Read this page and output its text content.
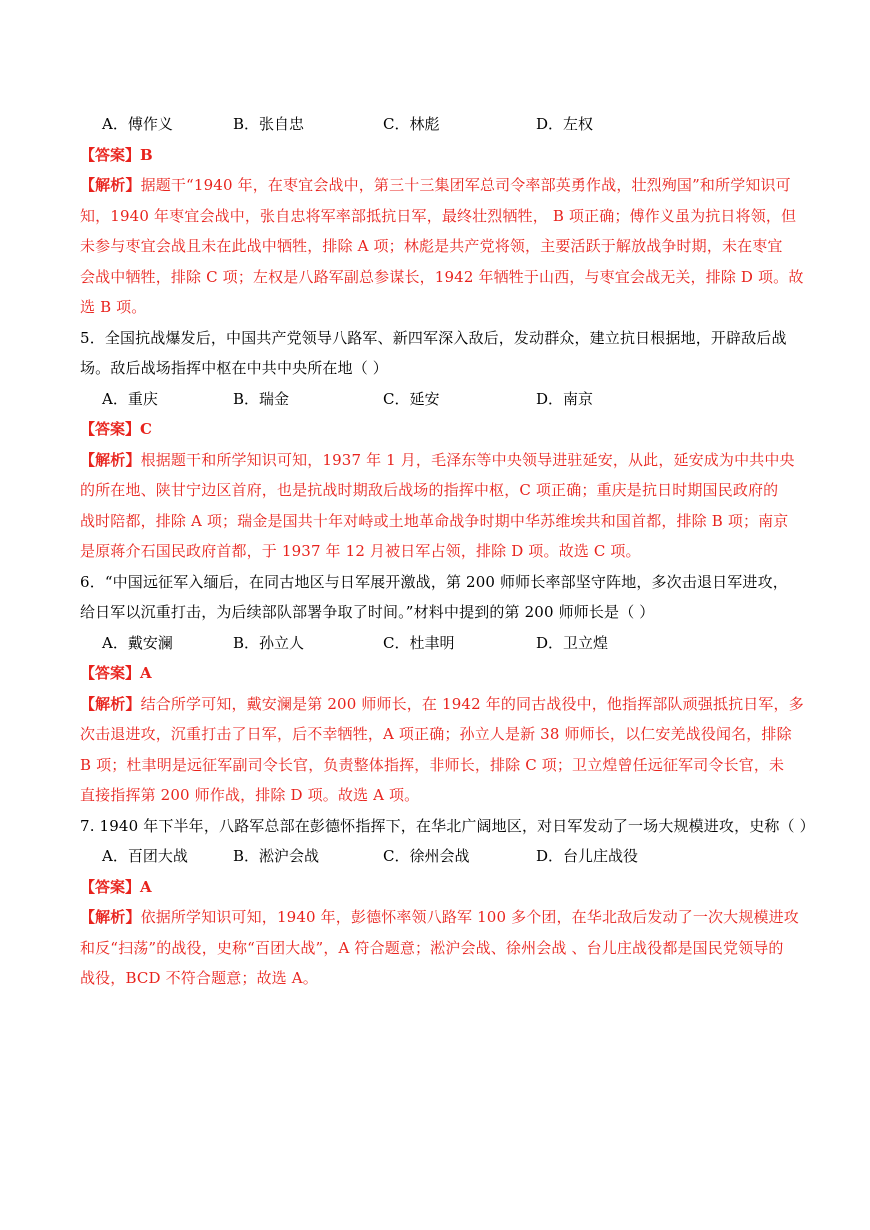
A．傅作义	B．张自忠	C．林彪	D．左权
【答案】B
【解析】据题干“1940 年，在枣宜会战中，第三十三集团军总司令率部英勇作战，壮烈殉国”和所学知识可
知，1940 年枣宜会战中，张自忠将军率部抵抗日军，最终壮烈牺牲， B 项正确；傅作义虽为抗日将领，但
未参与枣宜会战且未在此战中牺牲，排除 A 项；林彪是共产党将领，主要活跃于解放战争时期，未在枣宜
会战中牺牲，排除 C 项；左权是八路军副总参谋长，1942 年牺牲于山西，与枣宜会战无关，排除 D 项。故
选 B 项。
5．全国抗战爆发后，中国共产党领导八路军、新四军深入敌后，发动群众，建立抗日根据地，开辟敌后战
场。敌后战场指挥中枢在中共中央所在地（ ）
A．重庆	B．瑞金	C．延安	D．南京
【答案】C
【解析】根据题干和所学知识可知，1937 年 1 月，毛泽东等中央领导进驻延安，从此，延安成为中共中央
的所在地、陕甘宁边区首府，也是抗战时期敌后战场的指挥中枢，C 项正确；重庆是抗日时期国民政府的
战时陪都，排除 A 项；瑞金是国共十年对峙或土地革命战争时期中华苏维埃共和国首都，排除 B 项；南京
是原蒋介石国民政府首都，于 1937 年 12 月被日军占领，排除 D 项。故选 C 项。
6．“中国远征军入缅后，在同古地区与日军展开激战，第 200 师师长率部坚守阵地，多次击退日军进攻，
给日军以沉重打击，为后续部队部署争取了时间。”材料中提到的第 200 师师长是（ ）
A．戴安澜	B．孙立人	C．杜聿明	D．卫立煌
【答案】A
【解析】结合所学可知，戴安澜是第 200 师师长，在 1942 年的同古战役中，他指挥部队顽强抵抗日军，多
次击退进攻，沉重打击了日军，后不幸牺牲，A 项正确；孙立人是新 38 师师长，以仁安羌战役闻名，排除
B 项；杜聿明是远征军副司令长官，负责整体指挥，非师长，排除 C 项；卫立煌曾任远征军司令长官，未
直接指挥第 200 师作战，排除 D 项。故选 A 项。
7. 1940 年下半年，八路军总部在彭德怀指挥下，在华北广阔地区，对日军发动了一场大规模进攻，史称（ ）
A．百团大战	B．淞沪会战	C．徐州会战	D．台儿庄战役
【答案】A
【解析】依据所学知识可知，1940 年，彭德怀率领八路军 100 多个团，在华北敌后发动了一次大规模进攻
和反“扫荡”的战役，史称“百团大战”，A 符合题意；淞沪会战、徐州会战 、台儿庄战役都是国民党领导的
战役，BCD 不符合题意；故选 A。
